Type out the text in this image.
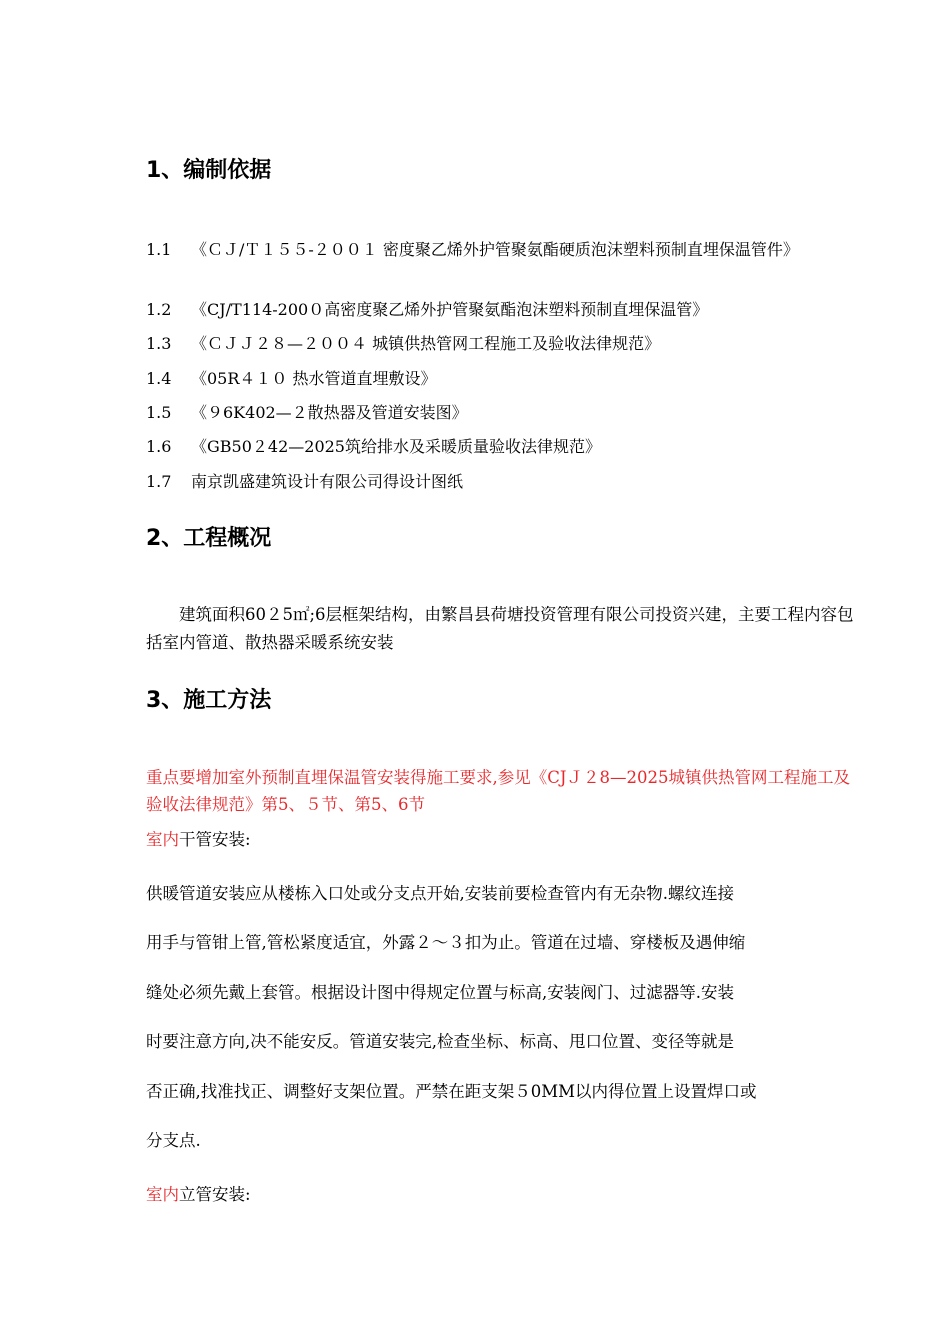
1、编制依据
1.1 《ＣＪ/Ｔ１５５-２００１ 密度聚乙烯外护管聚氨酯硬质泡沫塑料预制直埋保温管件》
1.2 《CJ/T114-200０高密度聚乙烯外护管聚氨酯泡沫塑料预制直埋保温管》
1.3 《ＣＪＪ２８—２００４ 城镇供热管网工程施工及验收法律规范》
1.4 《05R４１０ 热水管道直埋敷设》
1.5 《９6K402—２散热器及管道安装图》
1.6 《GB50２42—2025筑给排水及采暖质量验收法律规范》
1.7 南京凯盛建筑设计有限公司得设计图纸
2、工程概况
　　建筑面积60２5㎡;6层框架结构，由繁昌县荷塘投资管理有限公司投资兴建，主要工程内容包括室内管道、散热器采暖系统安装
3、施工方法
重点要增加室外预制直埋保温管安装得施工要求,参见《CJＪ２8—2025城镇供热管网工程施工及验收法律规范》第5、５节、第5、6节
室内干管安装:
供暖管道安装应从楼栋入口处或分支点开始,安装前要检查管内有无杂物.螺纹连接
用手与管钳上管,管松紧度适宜，外露２～３扣为止。管道在过墙、穿楼板及遇伸缩
缝处必须先戴上套管。根据设计图中得规定位置与标高,安装阀门、过滤器等.安装
时要注意方向,决不能安反。管道安装完,检查坐标、标高、甩口位置、变径等就是
否正确,找准找正、调整好支架位置。严禁在距支架５0MM以内得位置上设置焊口或
分支点.
室内立管安装:
